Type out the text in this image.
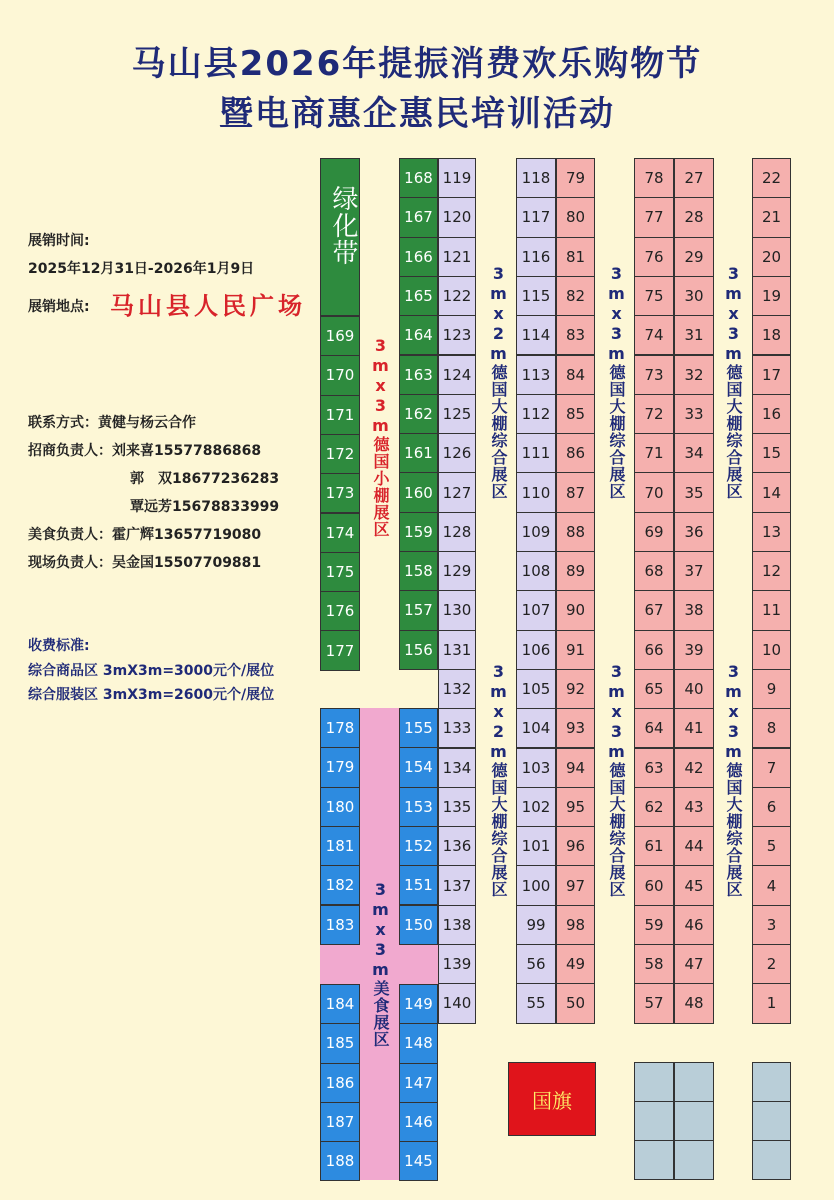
马山县2026年提振消费欢乐购物节
暨电商惠企惠民培训活动
展销时间:
2025年12月31日-2026年1月9日
展销地点: 马山县人民广场
联系方式：黄健与杨云合作
招商负责人：刘来喜15577886868
郭　双18677236283
覃远芳15678833999
美食负责人：霍广辉13657719080
现场负责人：吴金国15507709881
收费标准:
综合商品区 3mX3m=3000元个/展位
综合服装区 3mX3m=2600元个/展位
绿化带
国旗
169
170
171
172
173
174
175
176
177
168
167
166
165
164
163
162
161
160
159
158
157
156
119
120
121
122
123
124
125
126
127
128
129
130
131
132
133
134
135
136
137
138
139
140
118
117
116
115
114
113
112
111
110
109
108
107
106
105
104
103
102
101
100
99
56
55
79
80
81
82
83
84
85
86
87
88
89
90
91
92
93
94
95
96
97
98
49
50
78
77
76
75
74
73
72
71
70
69
68
67
66
65
64
63
62
61
60
59
58
57
27
28
29
30
31
32
33
34
35
36
37
38
39
40
41
42
43
44
45
46
47
48
22
21
20
19
18
17
16
15
14
13
12
11
10
9
8
7
6
5
4
3
2
1
178
179
180
181
182
183
184
185
186
187
188
155
154
153
152
151
150
149
148
147
146
145
3mx3m德国小棚展区
3mx3m美食展区
3mx2m德国大棚综合展区
3mx2m德国大棚综合展区
3mx3m德国大棚综合展区
3mx3m德国大棚综合展区
3mx3m德国大棚综合展区
3mx3m德国大棚综合展区
